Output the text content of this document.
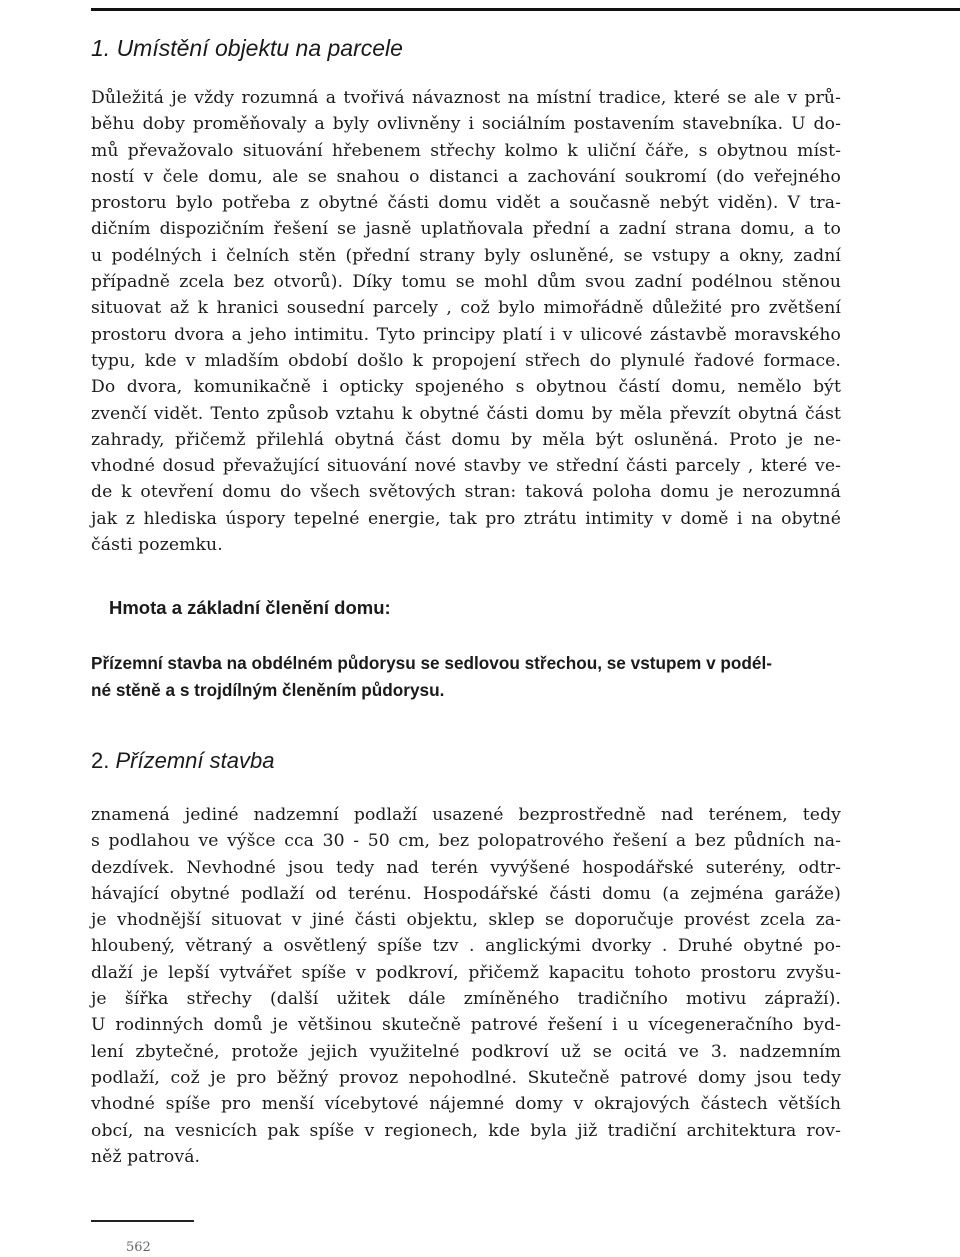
1. Umístění objektu na parcele
Důležitá je vždy rozumná a tvořivá návaznost na místní tradice, které se ale v prů-
běhu doby proměňovaly a byly ovlivněny i sociálním postavením stavebníka. U do-
mů převažovalo situování hřebenem střechy kolmo k uliční čáře, s obytnou míst-
ností v čele domu, ale se snahou o distanci a zachování soukromí (do veřejného
prostoru bylo potřeba z obytné části domu vidět a současně nebýt viděn). V tra-
dičním dispozičním řešení se jasně uplatňovala přední a zadní strana domu, a to
u podélných i čelních stěn (přední strany byly osluněné, se vstupy a okny, zadní
případně zcela bez otvorů). Díky tomu se mohl dům svou zadní podélnou stěnou
situovat až k hranici sousední parcely , což bylo mimořádně důležité pro zvětšení
prostoru dvora a jeho intimitu. Tyto principy platí i v ulicové zástavbě moravského
typu, kde v mladším období došlo k propojení střech do plynulé řadové formace.
Do dvora, komunikačně i opticky spojeného s obytnou částí domu, nemělo být
zvenčí vidět. Tento způsob vztahu k obytné části domu by měla převzít obytná část
zahrady, přičemž přilehlá obytná část domu by měla být osluněná. Proto je ne-
vhodné dosud převažující situování nové stavby ve střední části parcely , které ve-
de k otevření domu do všech světových stran: taková poloha domu je nerozumná
jak z hlediska úspory tepelné energie, tak pro ztrátu intimity v domě i na obytné
části pozemku.
Hmota a základní členění domu:
Přízemní stavba na obdélném půdorysu se sedlovou střechou, se vstupem v podél-
né stěně a s trojdílným členěním půdorysu.
2. Přízemní stavba
znamená jediné nadzemní podlaží usazené bezprostředně nad terénem, tedy
s podlahou ve výšce cca 30 - 50 cm, bez polopatrového řešení a bez půdních na-
dezdívek. Nevhodné jsou tedy nad terén vyvýšené hospodářské suterény, odtr-
hávající obytné podlaží od terénu. Hospodářské části domu (a zejména garáže)
je vhodnější situovat v jiné části objektu, sklep se doporučuje provést zcela za-
hloubený, větraný a osvětlený spíše tzv . anglickými dvorky . Druhé obytné po-
dlaží je lepší vytvářet spíše v podkroví, přičemž kapacitu tohoto prostoru zvyšu-
je šířka střechy (další užitek dále zmíněného tradičního motivu zápraží).
U rodinných domů je většinou skutečně patrové řešení i u vícegeneračního byd-
lení zbytečné, protože jejich využitelné podkroví už se ocitá ve 3. nadzemním
podlaží, což je pro běžný provoz nepohodlné. Skutečně patrové domy jsou tedy
vhodné spíše pro menší vícebytové nájemné domy v okrajových částech větších
obcí, na vesnicích pak spíše v regionech, kde byla již tradiční architektura rov-
něž patrová.
562
